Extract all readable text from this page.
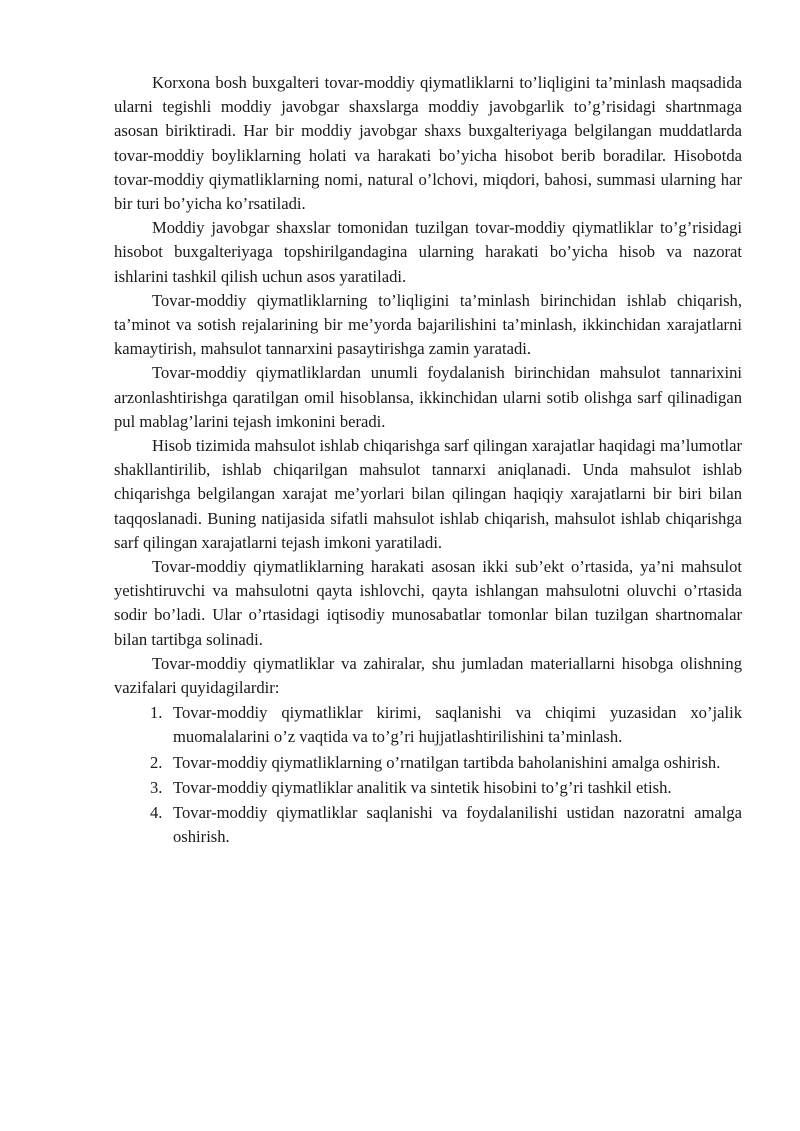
Korxona bosh buxgalteri tovar-moddiy qiymatliklarni to’liqligini ta’minlash maqsadida ularni tegishli moddiy javobgar shaxslarga moddiy javobgarlik to’g’risidagi shartnmaga asosan biriktiradi. Har bir moddiy javobgar shaxs buxgalteriyaga belgilangan muddatlarda tovar-moddiy boyliklarning holati va harakati bo’yicha hisobot berib boradilar. Hisobotda tovar-moddiy qiymatliklarning nomi, natural o’lchovi, miqdori, bahosi, summasi ularning har bir turi bo’yicha ko’rsatiladi.

Moddiy javobgar shaxslar tomonidan tuzilgan tovar-moddiy qiymatliklar to’g’risidagi hisobot buxgalteriyaga topshirilgandagina ularning harakati bo’yicha hisob va nazorat ishlarini tashkil qilish uchun asos yaratiladi.

Tovar-moddiy qiymatliklarning to’liqligini ta’minlash birinchidan ishlab chiqarish, ta’minot va sotish rejalarining bir me’yorda bajarilishini ta’minlash, ikkinchidan xarajatlarni kamaytirish, mahsulot tannarxini pasaytirishga zamin yaratadi.

Tovar-moddiy qiymatliklardan unumli foydalanish birinchidan mahsulot tannarixini arzonlashtirishga qaratilgan omil hisoblansa, ikkinchidan ularni sotib olishga sarf qilinadigan pul mablag’larini tejash imkonini beradi.

Hisob tizimida mahsulot ishlab chiqarishga sarf qilingan xarajatlar haqidagi ma’lumotlar shakllantirilib, ishlab chiqarilgan mahsulot tannarxi aniqlanadi. Unda mahsulot ishlab chiqarishga belgilangan xarajat me’yorlari bilan qilingan haqiqiy xarajatlarni bir biri bilan taqqoslanadi. Buning natijasida sifatli mahsulot ishlab chiqarish, mahsulot ishlab chiqarishga sarf qilingan xarajatlarni tejash imkoni yaratiladi.

Tovar-moddiy qiymatliklarning harakati asosan ikki sub’ekt o’rtasida, ya’ni mahsulot yetishtiruvchi va mahsulotni qayta ishlovchi, qayta ishlangan mahsulotni oluvchi o’rtasida sodir bo’ladi. Ular o’rtasidagi iqtisodiy munosabatlar tomonlar bilan tuzilgan shartnomalar bilan tartibga solinadi.

Tovar-moddiy qiymatliklar va zahiralar, shu jumladan materiallarni hisobga olishning vazifalari quyidagilardir:

1. Tovar-moddiy qiymatliklar kirimi, saqlanishi va chiqimi yuzasidan xo’jalik muomalalarini o’z vaqtida va to’g’ri hujjatlashtirilishini ta’minlash.
2. Tovar-moddiy qiymatliklarning o’rnatilgan tartibda baholanishini amalga oshirish.
3. Tovar-moddiy qiymatliklar analitik va sintetik hisobini to’g’ri tashkil etish.
4. Tovar-moddiy qiymatliklar saqlanishi va foydalanilishi ustidan nazoratni amalga oshirish.
